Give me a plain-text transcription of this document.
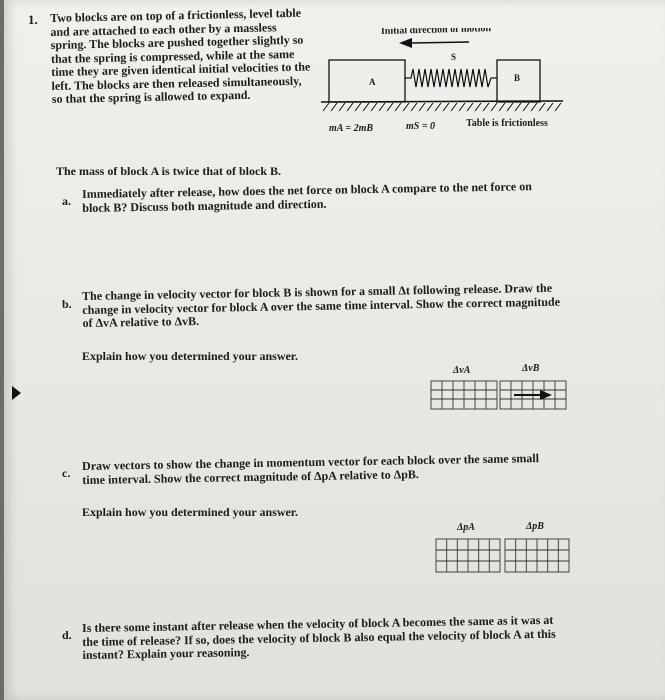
1. Two blocks are on top of a frictionless, level table and are attached to each other by a massless spring. The blocks are pushed together slightly so that the spring is compressed, while at the same time they are given identical initial velocities to the left. The blocks are then released simultaneously, so that the spring is allowed to expand.
Initial direction of motion
S
A	B
mA = 2mB	mS = 0	Table is frictionless
The mass of block A is twice that of block B.
a.
Immediately after release, how does the net force on block A compare to the net force on block B? Discuss both magnitude and direction.
b.
The change in velocity vector for block B is shown for a small Δt following release. Draw the change in velocity vector for block A over the same time interval. Show the correct magnitude of ΔvA relative to ΔvB.
Explain how you determined your answer.
ΔvA	ΔvB
c.
Draw vectors to show the change in momentum vector for each block over the same small time interval. Show the correct magnitude of ΔpA relative to ΔpB.
Explain how you determined your answer.
ΔpA	ΔpB
d.
Is there some instant after release when the velocity of block A becomes the same as it was at the time of release? If so, does the velocity of block B also equal the velocity of block A at this instant? Explain your reasoning.
